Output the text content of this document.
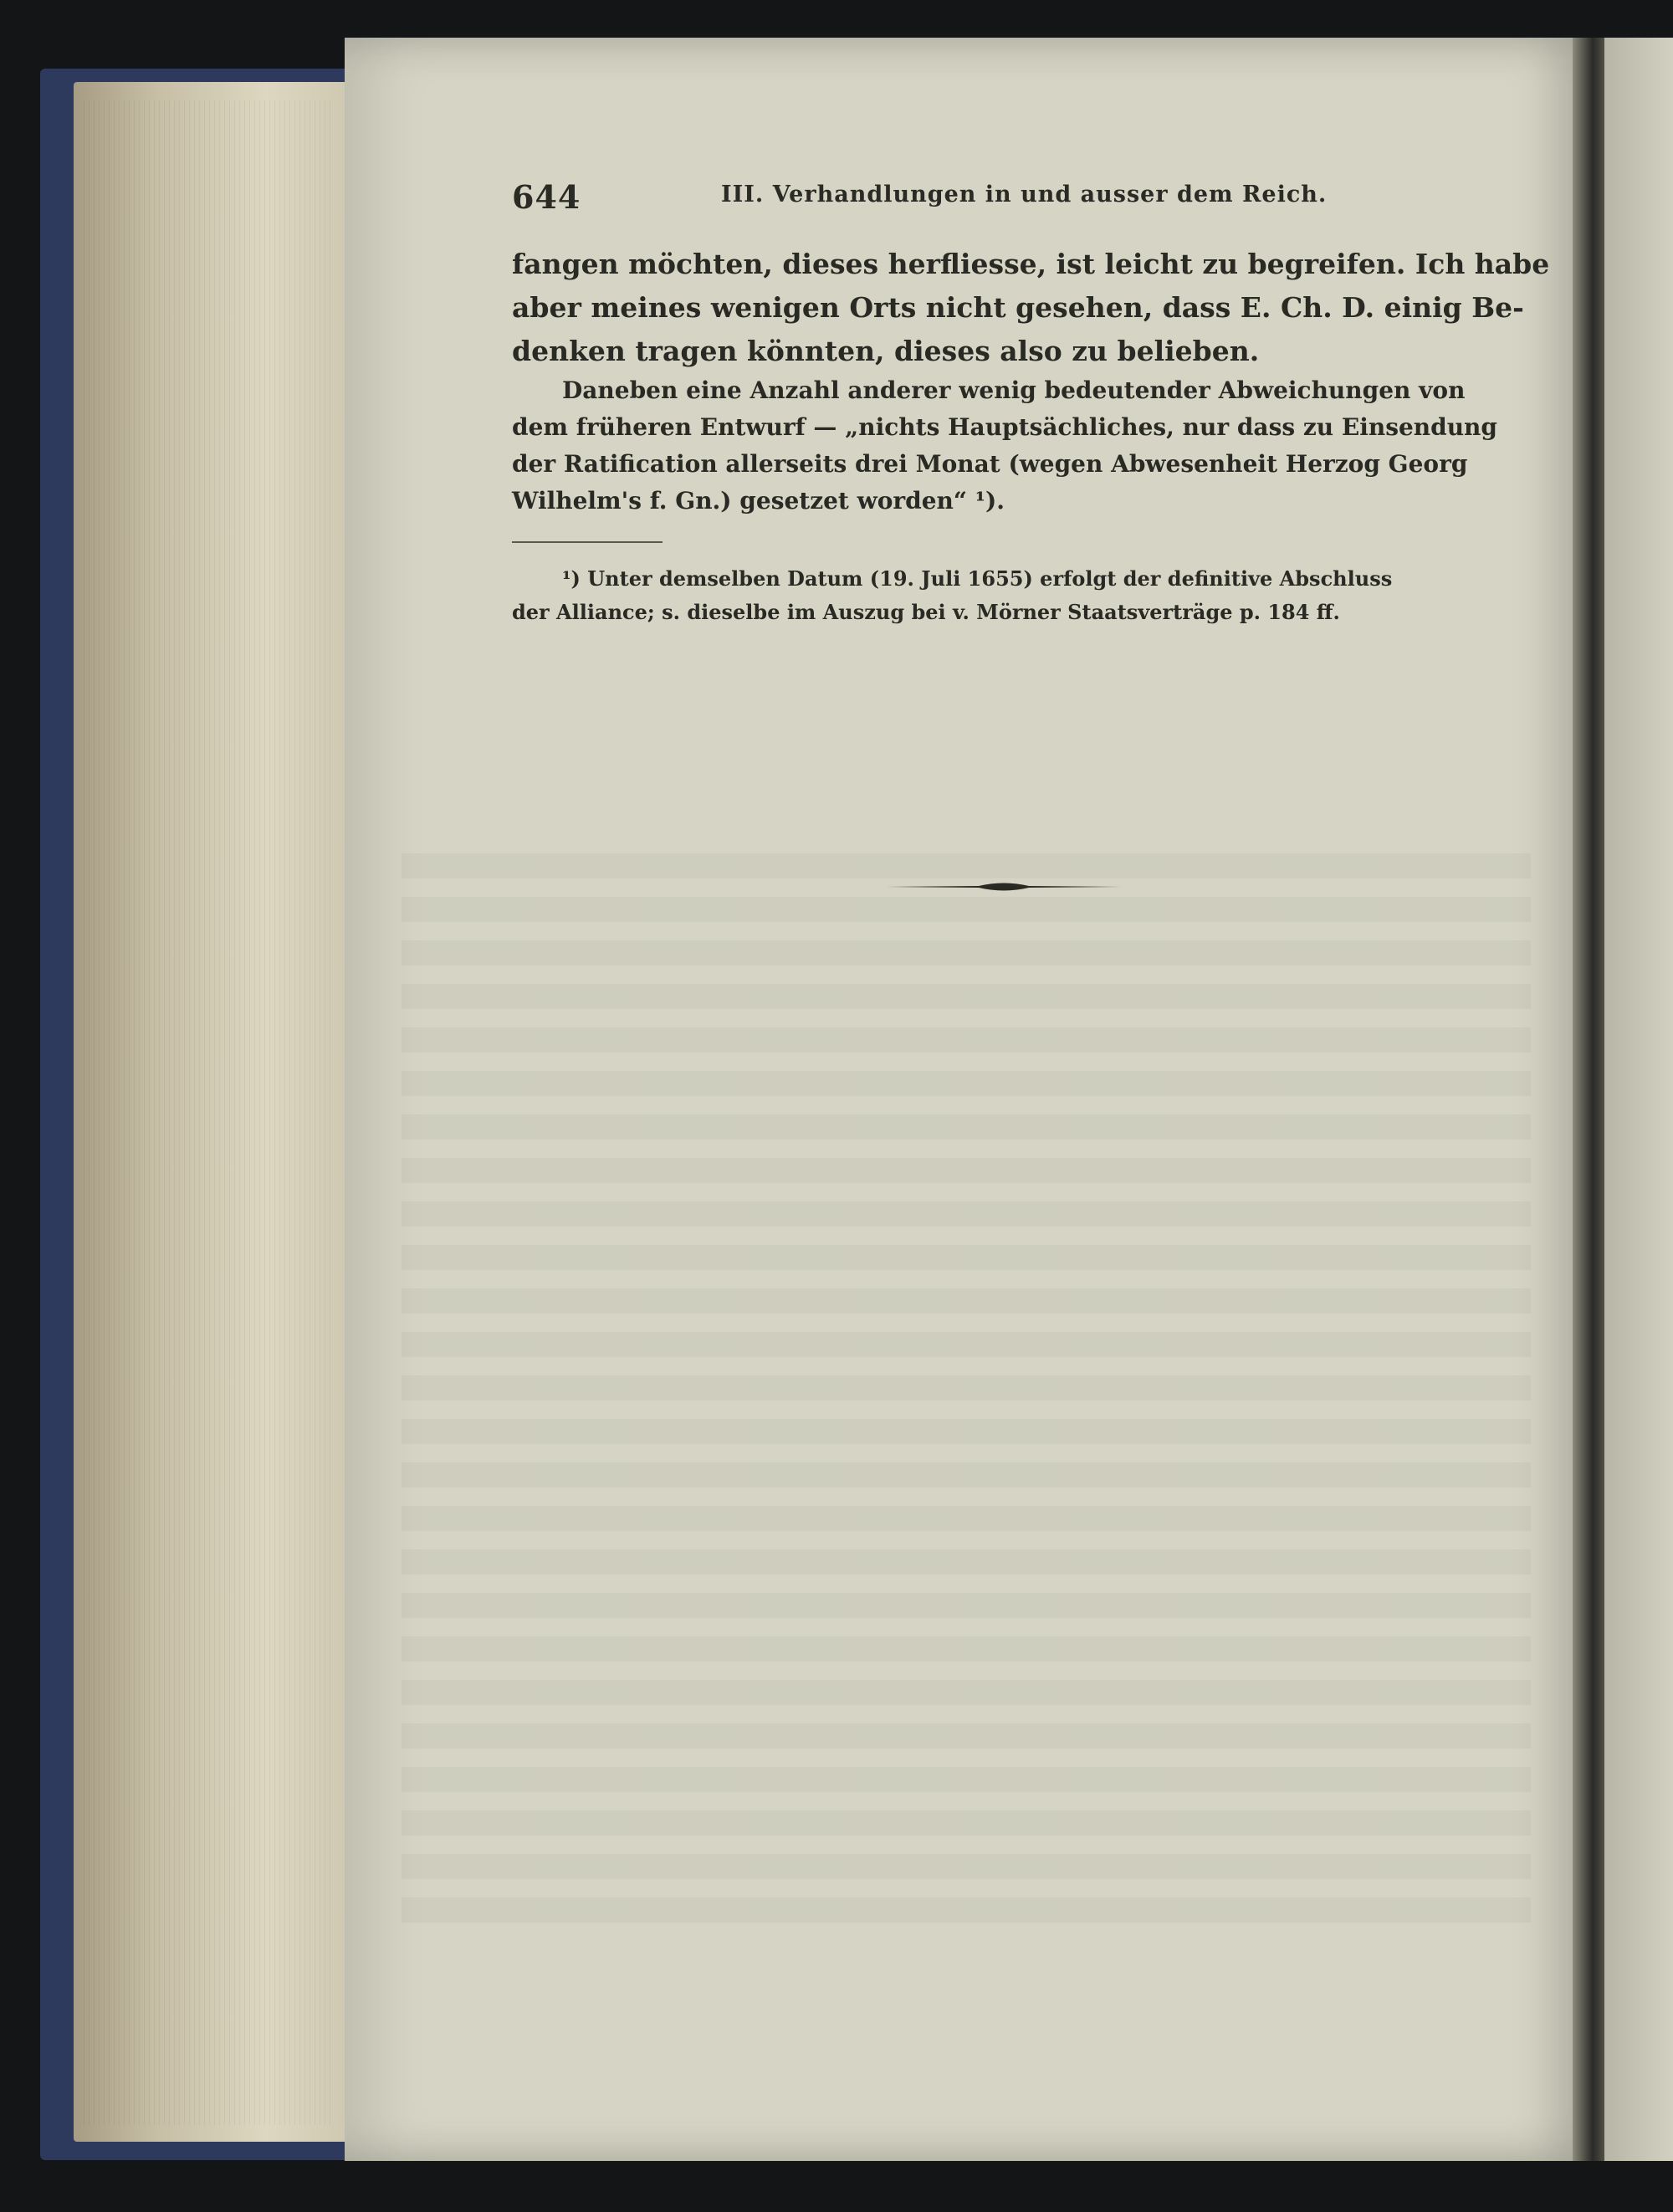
644	III. Verhandlungen in und ausser dem Reich.

fangen möchten, dieses herfliesse, ist leicht zu begreifen. Ich habe
aber meines wenigen Orts nicht gesehen, dass E. Ch. D. einig Be-
denken tragen könnten, dieses also zu belieben.

Daneben eine Anzahl anderer wenig bedeutender Abweichungen von
dem früheren Entwurf — „nichts Hauptsächliches, nur dass zu Einsendung
der Ratification allerseits drei Monat (wegen Abwesenheit Herzog Georg
Wilhelm's f. Gn.) gesetzet worden“ ¹).

¹) Unter demselben Datum (19. Juli 1655) erfolgt der definitive Abschluss
der Alliance; s. dieselbe im Auszug bei v. Mörner Staatsverträge p. 184 ff.
